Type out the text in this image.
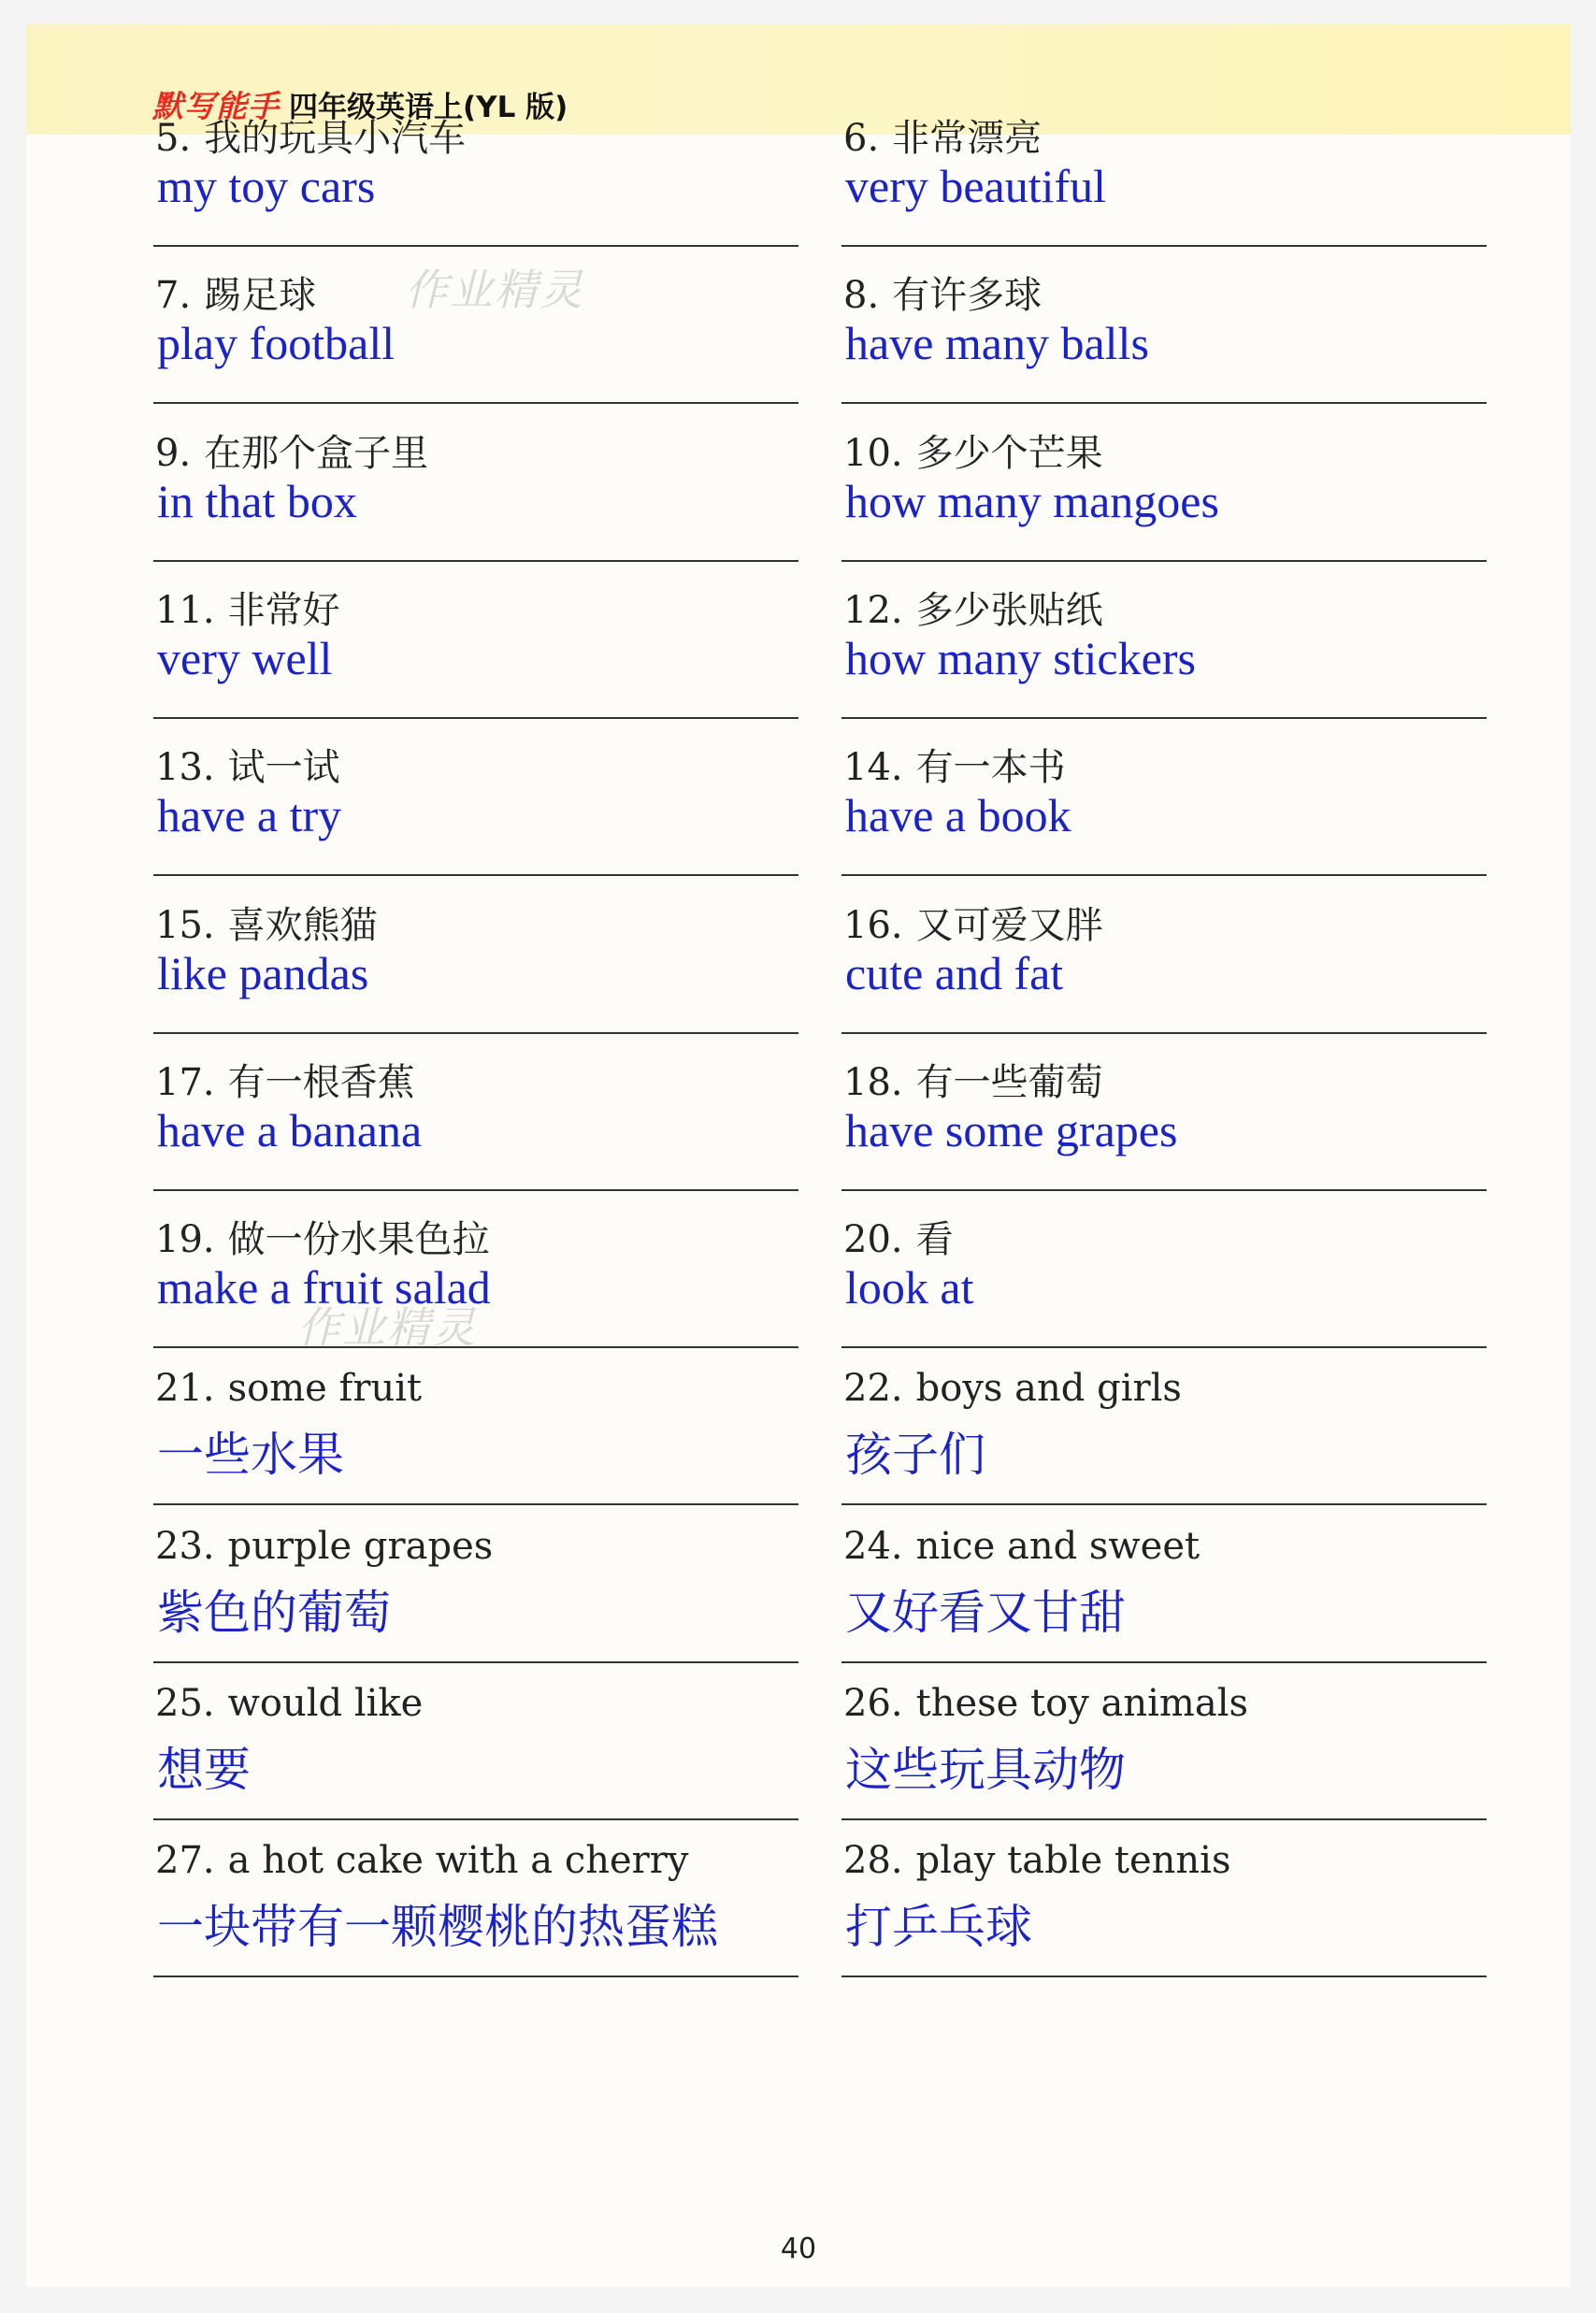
默写能手 四年级英语上(YL 版)
5. 我的玩具小汽车
my toy cars
6. 非常漂亮
very beautiful
7. 踢足球
play football
8. 有许多球
have many balls
9. 在那个盒子里
in that box
10. 多少个芒果
how many mangoes
11. 非常好
very well
12. 多少张贴纸
how many stickers
13. 试一试
have a try
14. 有一本书
have a book
15. 喜欢熊猫
like pandas
16. 又可爱又胖
cute and fat
17. 有一根香蕉
have a banana
18. 有一些葡萄
have some grapes
19. 做一份水果色拉
make a fruit salad
20. 看
look at
21. some fruit
一些水果
22. boys and girls
孩子们
23. purple grapes
紫色的葡萄
24. nice and sweet
又好看又甘甜
25. would like
想要
26. these toy animals
这些玩具动物
27. a hot cake with a cherry
一块带有一颗樱桃的热蛋糕
28. play table tennis
打乒乓球
作业精灵
作业精灵
40
